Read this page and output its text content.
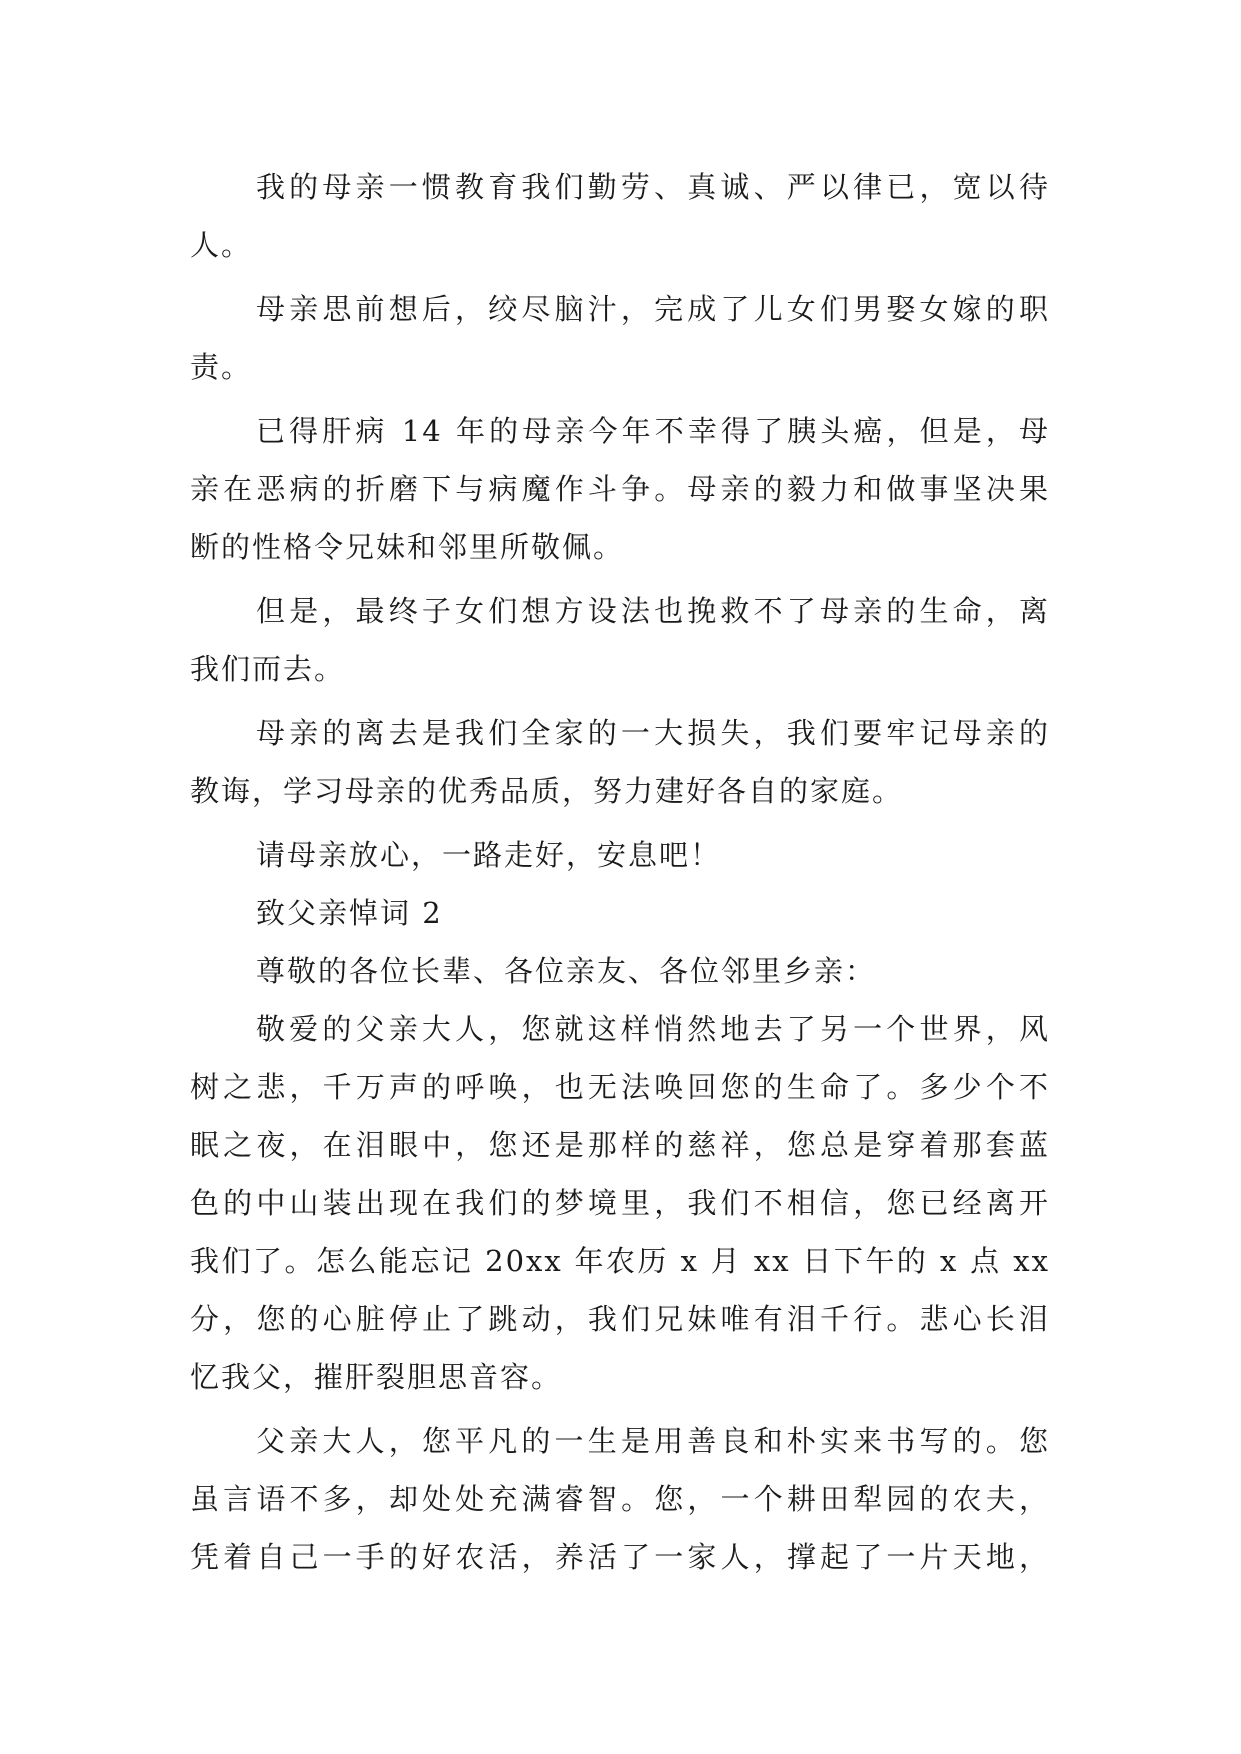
我的母亲一惯教育我们勤劳、真诚、严以律已，宽以待
人。
母亲思前想后，绞尽脑汁，完成了儿女们男娶女嫁的职
责。
已得肝病 14 年的母亲今年不幸得了胰头癌，但是，母
亲在恶病的折磨下与病魔作斗争。母亲的毅力和做事坚决果
断的性格令兄妹和邻里所敬佩。
但是，最终子女们想方设法也挽救不了母亲的生命，离
我们而去。
母亲的离去是我们全家的一大损失，我们要牢记母亲的
教诲，学习母亲的优秀品质，努力建好各自的家庭。
请母亲放心，一路走好，安息吧！
致父亲悼词 2
尊敬的各位长辈、各位亲友、各位邻里乡亲：
敬爱的父亲大人，您就这样悄然地去了另一个世界，风
树之悲，千万声的呼唤，也无法唤回您的生命了。多少个不
眠之夜，在泪眼中，您还是那样的慈祥，您总是穿着那套蓝
色的中山装出现在我们的梦境里，我们不相信，您已经离开
我们了。怎么能忘记 20xx 年农历 x 月 xx 日下午的 x 点 xx
分，您的心脏停止了跳动，我们兄妹唯有泪千行。悲心长泪
忆我父，摧肝裂胆思音容。
父亲大人，您平凡的一生是用善良和朴实来书写的。您
虽言语不多，却处处充满睿智。您，一个耕田犁园的农夫，
凭着自己一手的好农活，养活了一家人，撑起了一片天地，
